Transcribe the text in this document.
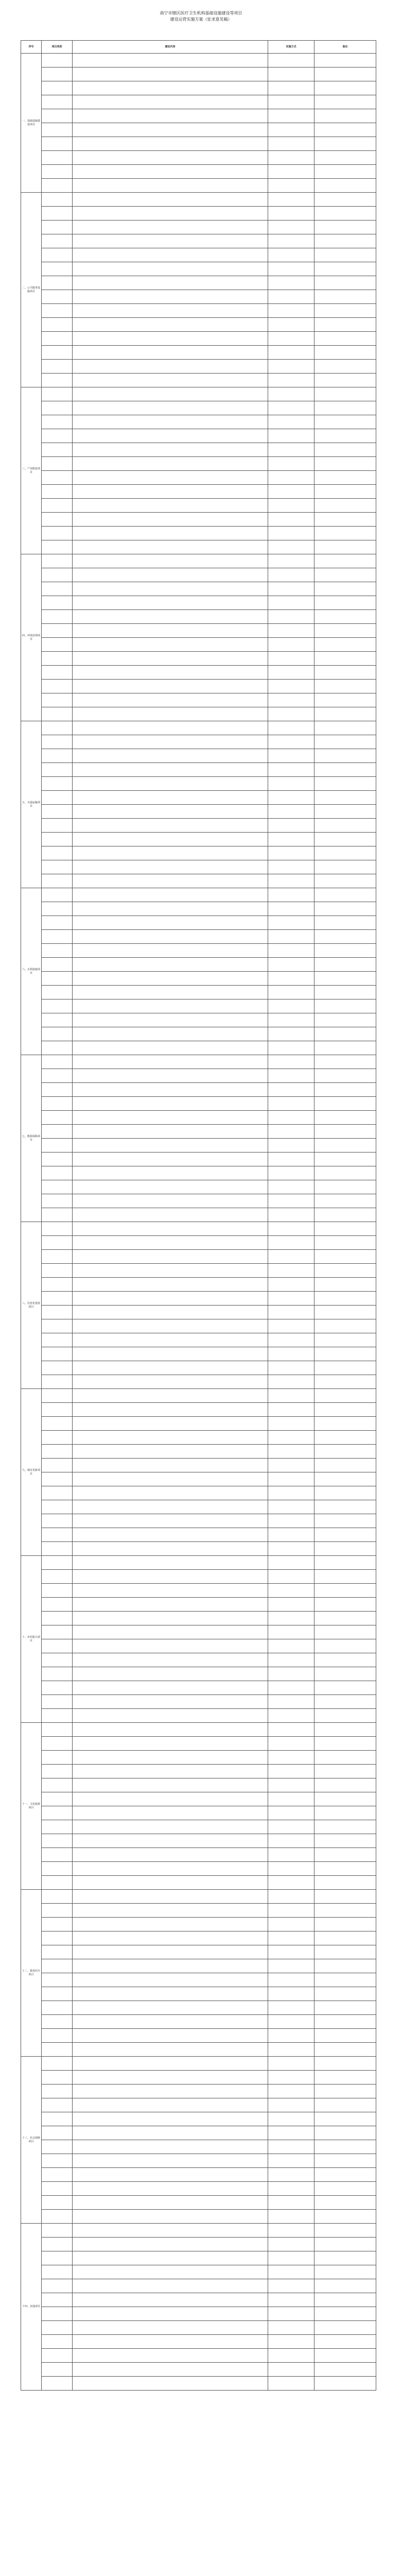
南宁市辖区医疗卫生机构基础设施建设等项目
建设运营实施方案（征求意见稿）
序号	项目类别	建设内容	实施方式	备注
一、基础设施建设项目				

二、公共服务设施项目				

三、产业配套项目				

四、环境治理项目				

五、交通运输项目				

六、水利设施项目				

七、能源保障项目				

八、信息化建设项目				

九、城市更新项目				

十、乡村振兴项目				

十一、文化旅游项目				

十二、教育医疗项目				

十三、社会保障项目				

十四、其他项目				
